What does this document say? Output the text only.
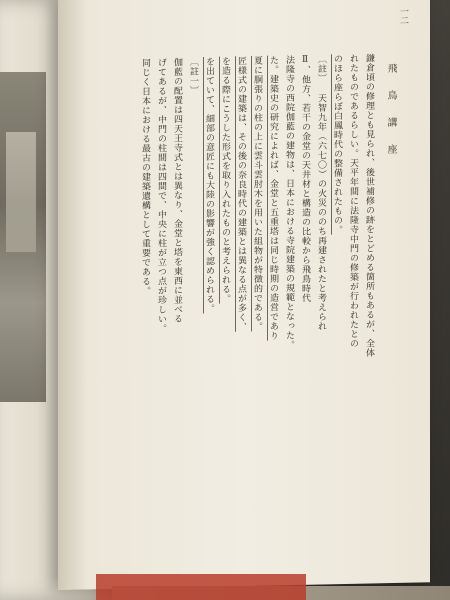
一二
飛 鳥 講 座
鎌倉頃の修理とも見られ、後世補修の跡をとどめる箇所もあるが、全体
れたものであるらしい。天平年間に法隆寺中門の修築が行われたとの
のほら座らぼ白鳳時代の整備されたもの。
〔註〕 天智九年（六七〇）の火災ののち再建されたと考えられ
Ⅱ、他方、若干の金堂の天井材と構造の比較から飛鳥時代
法隆寺の西院伽藍の建物は、日本における寺院建築の規範となった。
た。建築史の研究によれば、金堂と五重塔は同じ時期の造営であり
夏に胴張りの柱の上に雲斗雲肘木を用いた組物が特徴的である。
匠様式の建築は、その後の奈良時代の建築とは異なる点が多く、
を造る際にこうした形式を取り入れたものと考えられる。
を出ていて、細部の意匠にも大陸の影響が強く認められる。
〔註一〕
伽藍の配置は四天王寺式とは異なり、金堂と塔を東西に並べる
げてあるが、中門の柱間は四間で、中央に柱が立つ点が珍しい。
同じく日本における最古の建築遺構として重要である。
